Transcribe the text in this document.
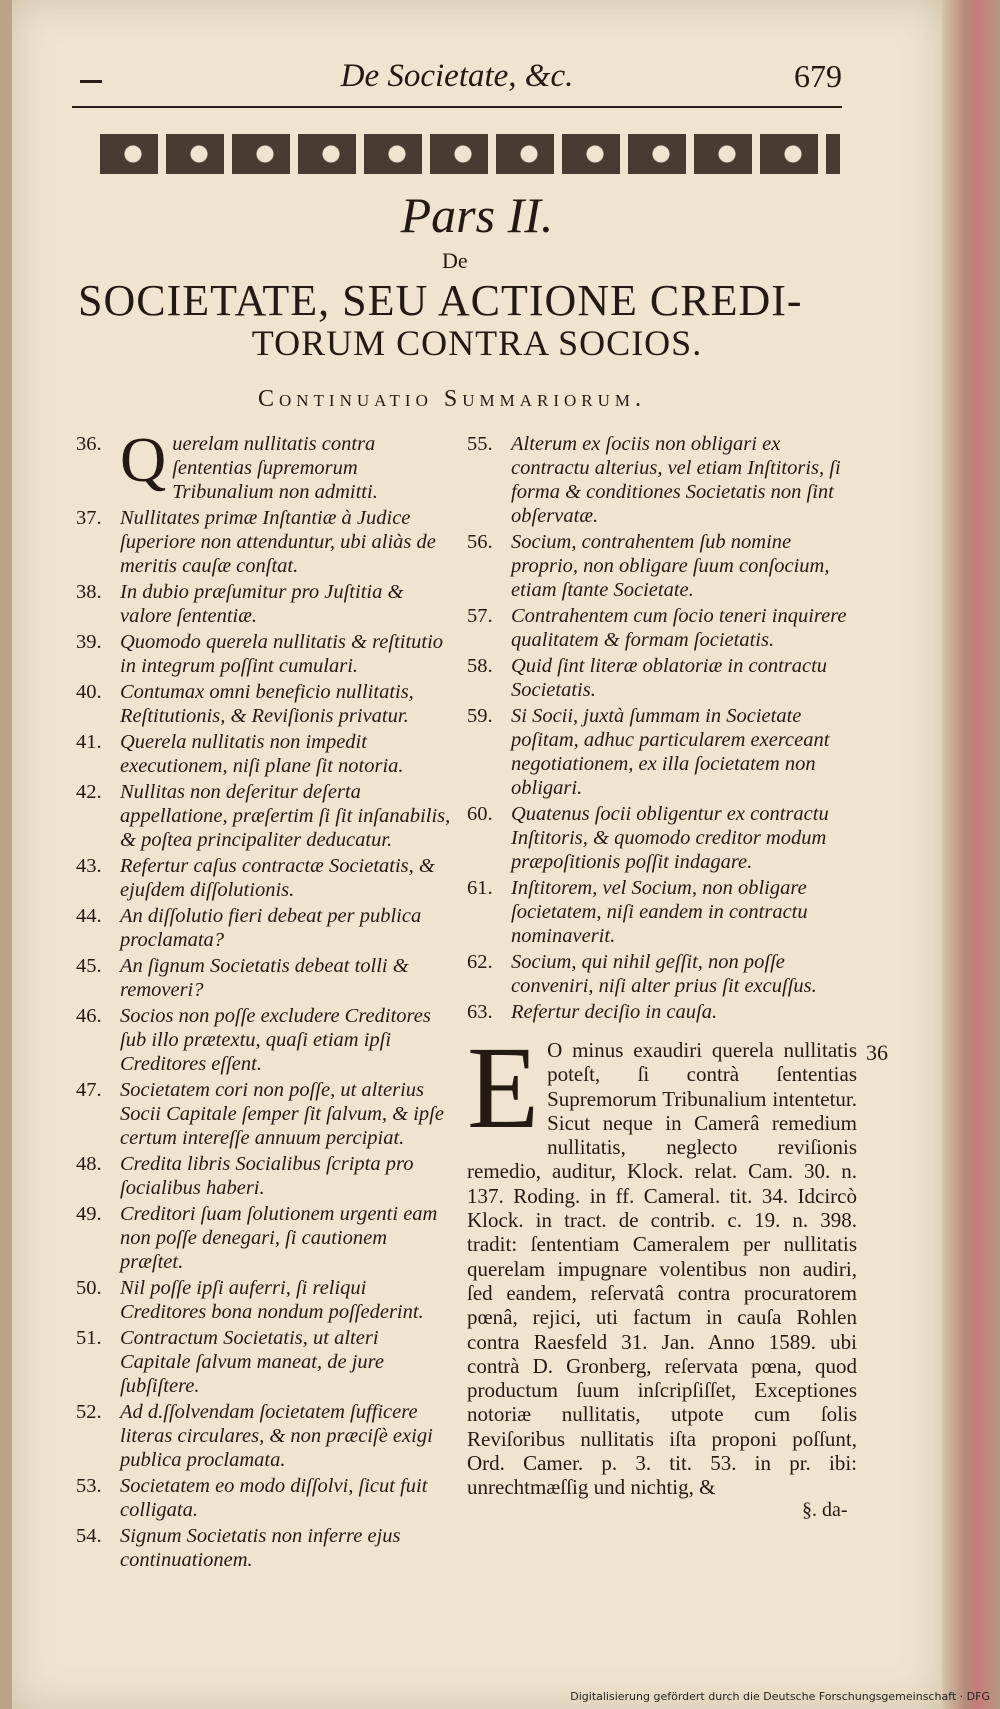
De Societate, &c.	679
Pars II.
De
SOCIETATE, SEU ACTIONE CREDI-
TORUM CONTRA SOCIOS.
Continuatio Summariorum.
36. Querelam nullitatis contra ſententias ſupremorum Tribunalium non admitti.
37. Nullitates primæ Inſtantiæ à Judice ſuperiore non attenduntur, ubi aliàs de meritis cauſæ conſtat.
38. In dubio præſumitur pro Juſtitia & valore ſententiæ.
39. Quomodo querela nullitatis & reſtitutio in integrum poſſint cumulari.
40. Contumax omni beneficio nullitatis, Reſtitutionis, & Reviſionis privatur.
41. Querela nullitatis non impedit executionem, niſi plane ſit notoria.
42. Nullitas non deſeritur deſerta appellatione, præſertim ſi ſit inſanabilis, & poſtea principaliter deducatur.
43. Refertur caſus contractæ Societatis, & ejuſdem diſſolutionis.
44. An diſſolutio fieri debeat per publica proclamata?
45. An ſignum Societatis debeat tolli & removeri?
46. Socios non poſſe excludere Creditores ſub illo prætextu, quaſi etiam ipſi Creditores eſſent.
47. Societatem cori non poſſe, ut alterius Socii Capitale ſemper ſit ſalvum, & ipſe certum intereſſe annuum percipiat.
48. Credita libris Socialibus ſcripta pro ſocialibus haberi.
49. Creditori ſuam ſolutionem urgenti eam non poſſe denegari, ſi cautionem præſtet.
50. Nil poſſe ipſi auferri, ſi reliqui Creditores bona nondum poſſederint.
51. Contractum Societatis, ut alteri Capitale ſalvum maneat, de jure ſubſiſtere.
52. Ad d.ſſolvendam ſocietatem ſufficere literas circulares, & non præciſè exigi publica proclamata.
53. Societatem eo modo diſſolvi, ſicut fuit colligata.
54. Signum Societatis non inferre ejus continuationem.
55. Alterum ex ſociis non obligari ex contractu alterius, vel etiam Inſtitoris, ſi forma & conditiones Societatis non ſint obſervatæ.
56. Socium, contrahentem ſub nomine proprio, non obligare ſuum conſocium, etiam ſtante Societate.
57. Contrahentem cum ſocio teneri inquirere qualitatem & formam ſocietatis.
58. Quid ſint literæ oblatoriæ in contractu Societatis.
59. Si Socii, juxtà ſummam in Societate poſitam, adhuc particularem exerceant negotiationem, ex illa ſocietatem non obligari.
60. Quatenus ſocii obligentur ex contractu Inſtitoris, & quomodo creditor modum præpoſitionis poſſit indagare.
61. Inſtitorem, vel Socium, non obligare ſocietatem, niſi eandem in contractu nominaverit.
62. Socium, qui nihil geſſit, non poſſe conveniri, niſi alter prius ſit excuſſus.
63. Refertur deciſio in cauſa.

E O minus exaudiri querela nullitatis poteſt, ſi contrà ſententias Supremorum Tribunalium intentetur. Sicut neque in Camerâ remedium nullitatis, neglecto reviſionis remedio, auditur, Klock. relat. Cam. 30. n. 137. Roding. in ff. Cameral. tit. 34. Idcircò Klock. in tract. de contrib. c. 19. n. 398. tradit: ſententiam Cameralem per nullitatis querelam impugnare volentibus non audiri, ſed eandem, reſervatâ contra procuratorem pœnâ, rejici, uti factum in cauſa Rohlen contra Raesfeld 31. Jan. Anno 1589. ubi contrà D. Gronberg, reſervata pœna, quod productum ſuum inſcripſiſſet, Exceptiones notoriæ nullitatis, utpote cum ſolis Reviſoribus nullitatis iſta proponi poſſunt, Ord. Camer. p. 3. tit. 53. in pr. ibi: unrechtmæſſig und nichtig, &

36
§. da-
Digitalisierung gefördert durch die Deutsche Forschungsgemeinschaft · DFG
